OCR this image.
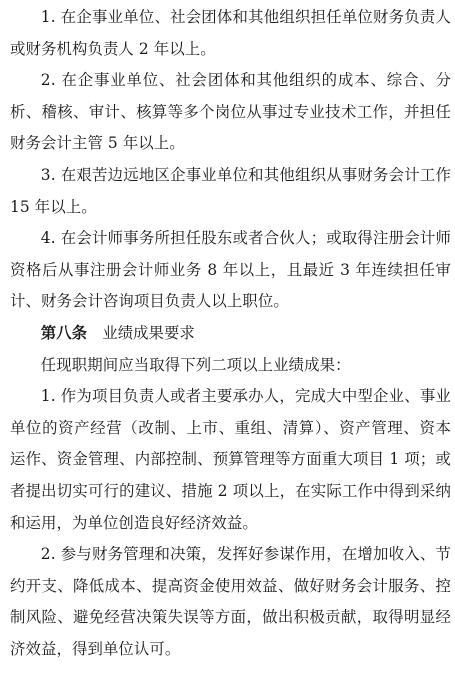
1. 在企事业单位、社会团体和其他组织担任单位财务负责人或财务机构负责人 2 年以上。

2. 在企事业单位、社会团体和其他组织的成本、综合、分析、稽核、审计、核算等多个岗位从事过专业技术工作，并担任财务会计主管 5 年以上。

3. 在艰苦边远地区企事业单位和其他组织从事财务会计工作 15 年以上。

4. 在会计师事务所担任股东或者合伙人；或取得注册会计师资格后从事注册会计师业务 8 年以上，且最近 3 年连续担任审计、财务会计咨询项目负责人以上职位。

第八条 业绩成果要求

任现职期间应当取得下列二项以上业绩成果：

1. 作为项目负责人或者主要承办人，完成大中型企业、事业单位的资产经营（改制、上市、重组、清算）、资产管理、资本运作、资金管理、内部控制、预算管理等方面重大项目 1 项；或者提出切实可行的建议、措施 2 项以上，在实际工作中得到采纳和运用，为单位创造良好经济效益。

2. 参与财务管理和决策，发挥好参谋作用，在增加收入、节约开支、降低成本、提高资金使用效益、做好财务会计服务、控制风险、避免经营决策失误等方面，做出积极贡献，取得明显经济效益，得到单位认可。
